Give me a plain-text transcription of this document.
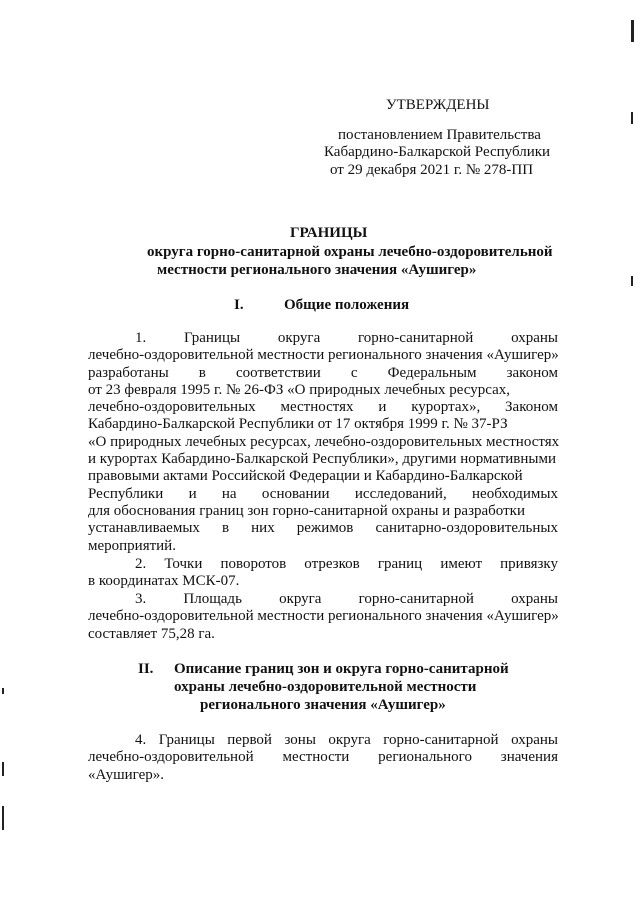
УТВЕРЖДЕНЫ
постановлением Правительства
Кабардино-Балкарской Республики
от 29 декабря 2021 г. № 278-ПП
ГРАНИЦЫ
округа горно-санитарной охраны лечебно-оздоровительной
местности регионального значения «Аушигер»
I.	Общие положения
1.	Границы	округа	горно-санитарной	охраны
лечебно-оздоровительной местности регионального значения «Аушигер»
разработаны в соответствии с Федеральным законом
от 23 февраля 1995 г. № 26-ФЗ «О природных лечебных ресурсах,
лечебно-оздоровительных местностях и курортах», Законом
Кабардино-Балкарской Республики от 17 октября 1999 г. № 37-РЗ
«О природных лечебных ресурсах, лечебно-оздоровительных местностях
и курортах Кабардино-Балкарской Республики», другими нормативными
правовыми актами Российской Федерации и Кабардино-Балкарской
Республики и на основании исследований, необходимых
для обоснования границ зон горно-санитарной охраны и разработки
устанавливаемых в них режимов санитарно-оздоровительных
мероприятий.
2. Точки поворотов отрезков границ имеют привязку
в координатах МСК-07.
3. Площадь округа горно-санитарной охраны
лечебно-оздоровительной местности регионального значения «Аушигер»
составляет 75,28 га.
II. Описание границ зон и округа горно-санитарной
охраны лечебно-оздоровительной местности
регионального значения «Аушигер»
4. Границы первой зоны округа горно-санитарной охраны
лечебно-оздоровительной местности регионального значения
«Аушигер».
